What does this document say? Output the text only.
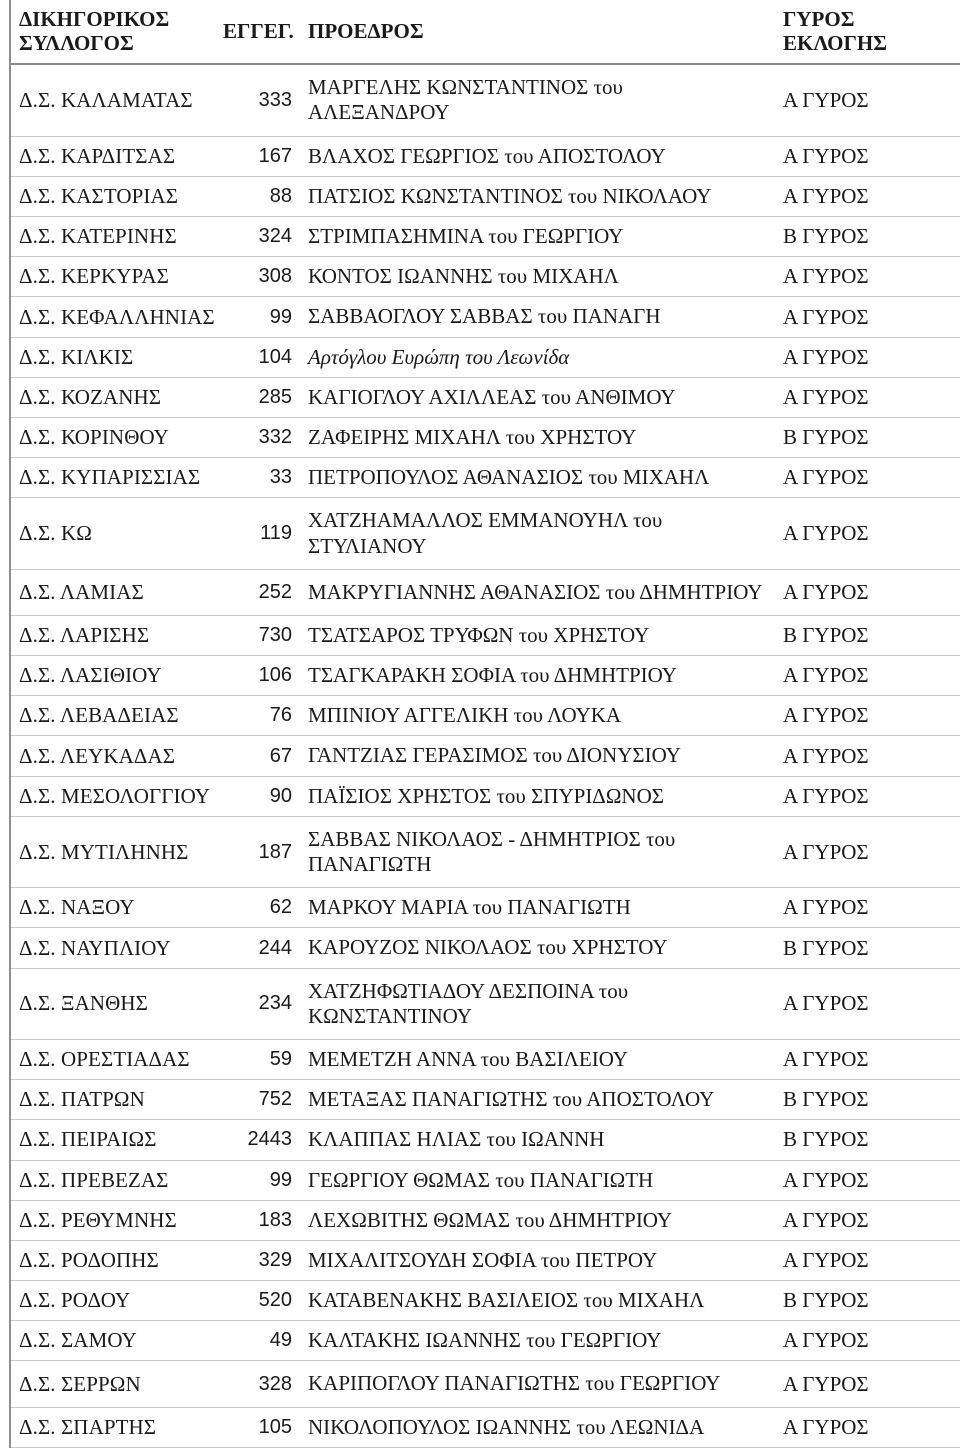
	ΔΙΚΗΓΟΡΙΚΟΣ ΣΥΛΛΟΓΟΣ	ΕΓΓΕΓ.	ΠΡΟΕΔΡΟΣ	ΓΥΡΟΣ ΕΚΛΟΓΗΣ
	Δ.Σ. ΚΑΛΑΜΑΤΑΣ	333	ΜΑΡΓΕΛΗΣ ΚΩΝΣΤΑΝΤΙΝΟΣ του ΑΛΕΞΑΝΔΡΟΥ	Α ΓΥΡΟΣ
	Δ.Σ. ΚΑΡΔΙΤΣΑΣ	167	ΒΛΑΧΟΣ ΓΕΩΡΓΙΟΣ του ΑΠΟΣΤΟΛΟΥ	Α ΓΥΡΟΣ
	Δ.Σ. ΚΑΣΤΟΡΙΑΣ	88	ΠΑΤΣΙΟΣ ΚΩΝΣΤΑΝΤΙΝΟΣ του ΝΙΚΟΛΑΟΥ	Α ΓΥΡΟΣ
	Δ.Σ. ΚΑΤΕΡΙΝΗΣ	324	ΣΤΡΙΜΠΑΣΗΜΙΝΑ του ΓΕΩΡΓΙΟΥ	Β ΓΥΡΟΣ
	Δ.Σ. ΚΕΡΚΥΡΑΣ	308	ΚΟΝΤΟΣ ΙΩΑΝΝΗΣ του ΜΙΧΑΗΛ	Α ΓΥΡΟΣ
	Δ.Σ. ΚΕΦΑΛΛΗΝΙΑΣ	99	ΣΑΒΒΑΟΓΛΟΥ ΣΑΒΒΑΣ του ΠΑΝΑΓΗ	Α ΓΥΡΟΣ
	Δ.Σ. ΚΙΛΚΙΣ	104	Αρτόγλου Ευρώπη του Λεωνίδα	Α ΓΥΡΟΣ
	Δ.Σ. ΚΟΖΑΝΗΣ	285	ΚΑΓΙΟΓΛΟΥ ΑΧΙΛΛΕΑΣ του ΑΝΘΙΜΟΥ	Α ΓΥΡΟΣ
	Δ.Σ. ΚΟΡΙΝΘΟΥ	332	ΖΑΦΕΙΡΗΣ ΜΙΧΑΗΛ του ΧΡΗΣΤΟΥ	Β ΓΥΡΟΣ
	Δ.Σ. ΚΥΠΑΡΙΣΣΙΑΣ	33	ΠΕΤΡΟΠΟΥΛΟΣ ΑΘΑΝΑΣΙΟΣ του ΜΙΧΑΗΛ	Α ΓΥΡΟΣ
	Δ.Σ. ΚΩ	119	ΧΑΤΖΗΑΜΑΛΛΟΣ ΕΜΜΑΝΟΥΗΛ του ΣΤΥΛΙΑΝΟΥ	Α ΓΥΡΟΣ
	Δ.Σ. ΛΑΜΙΑΣ	252	ΜΑΚΡΥΓΙΑΝΝΗΣ ΑΘΑΝΑΣΙΟΣ του ΔΗΜΗΤΡΙΟΥ	Α ΓΥΡΟΣ
	Δ.Σ. ΛΑΡΙΣΗΣ	730	ΤΣΑΤΣΑΡΟΣ ΤΡΥΦΩΝ του ΧΡΗΣΤΟΥ	Β ΓΥΡΟΣ
	Δ.Σ. ΛΑΣΙΘΙΟΥ	106	ΤΣΑΓΚΑΡΑΚΗ ΣΟΦΙΑ του ΔΗΜΗΤΡΙΟΥ	Α ΓΥΡΟΣ
	Δ.Σ. ΛΕΒΑΔΕΙΑΣ	76	ΜΠΙΝΙΟΥ ΑΓΓΕΛΙΚΗ του ΛΟΥΚΑ	Α ΓΥΡΟΣ
	Δ.Σ. ΛΕΥΚΑΔΑΣ	67	ΓΑΝΤΖΙΑΣ ΓΕΡΑΣΙΜΟΣ του ΔΙΟΝΥΣΙΟΥ	Α ΓΥΡΟΣ
	Δ.Σ. ΜΕΣΟΛΟΓΓΙΟΥ	90	ΠΑΪΣΙΟΣ ΧΡΗΣΤΟΣ του ΣΠΥΡΙΔΩΝΟΣ	Α ΓΥΡΟΣ
	Δ.Σ. ΜΥΤΙΛΗΝΗΣ	187	ΣΑΒΒΑΣ ΝΙΚΟΛΑΟΣ - ΔΗΜΗΤΡΙΟΣ του ΠΑΝΑΓΙΩΤΗ	Α ΓΥΡΟΣ
	Δ.Σ. ΝΑΞΟΥ	62	ΜΑΡΚΟΥ ΜΑΡΙΑ του ΠΑΝΑΓΙΩΤΗ	Α ΓΥΡΟΣ
	Δ.Σ. ΝΑΥΠΛΙΟΥ	244	ΚΑΡΟΥΖΟΣ ΝΙΚΟΛΑΟΣ του ΧΡΗΣΤΟΥ	Β ΓΥΡΟΣ
	Δ.Σ. ΞΑΝΘΗΣ	234	ΧΑΤΖΗΦΩΤΙΑΔΟΥ ΔΕΣΠΟΙΝΑ του ΚΩΝΣΤΑΝΤΙΝΟΥ	Α ΓΥΡΟΣ
	Δ.Σ. ΟΡΕΣΤΙΑΔΑΣ	59	ΜΕΜΕΤΖΗ ΑΝΝΑ του ΒΑΣΙΛΕΙΟΥ	Α ΓΥΡΟΣ
	Δ.Σ. ΠΑΤΡΩΝ	752	ΜΕΤΑΞΑΣ ΠΑΝΑΓΙΩΤΗΣ του ΑΠΟΣΤΟΛΟΥ	Β ΓΥΡΟΣ
	Δ.Σ. ΠΕΙΡΑΙΩΣ	2443	ΚΛΑΠΠΑΣ ΗΛΙΑΣ του ΙΩΑΝΝΗ	Β ΓΥΡΟΣ
	Δ.Σ. ΠΡΕΒΕΖΑΣ	99	ΓΕΩΡΓΙΟΥ ΘΩΜΑΣ του ΠΑΝΑΓΙΩΤΗ	Α ΓΥΡΟΣ
	Δ.Σ. ΡΕΘΥΜΝΗΣ	183	ΛΕΧΩΒΙΤΗΣ ΘΩΜΑΣ του ΔΗΜΗΤΡΙΟΥ	Α ΓΥΡΟΣ
	Δ.Σ. ΡΟΔΟΠΗΣ	329	ΜΙΧΑΛΙΤΣΟΥΔΗ ΣΟΦΙΑ του ΠΕΤΡΟΥ	Α ΓΥΡΟΣ
	Δ.Σ. ΡΟΔΟΥ	520	ΚΑΤΑΒΕΝΑΚΗΣ ΒΑΣΙΛΕΙΟΣ του ΜΙΧΑΗΛ	Β ΓΥΡΟΣ
	Δ.Σ. ΣΑΜΟΥ	49	ΚΑΛΤΑΚΗΣ ΙΩΑΝΝΗΣ του ΓΕΩΡΓΙΟΥ	Α ΓΥΡΟΣ
	Δ.Σ. ΣΕΡΡΩΝ	328	ΚΑΡΙΠΟΓΛΟΥ ΠΑΝΑΓΙΩΤΗΣ του ΓΕΩΡΓΙΟΥ	Α ΓΥΡΟΣ
	Δ.Σ. ΣΠΑΡΤΗΣ	105	ΝΙΚΟΛΟΠΟΥΛΟΣ ΙΩΑΝΝΗΣ του ΛΕΩΝΙΔΑ	Α ΓΥΡΟΣ
